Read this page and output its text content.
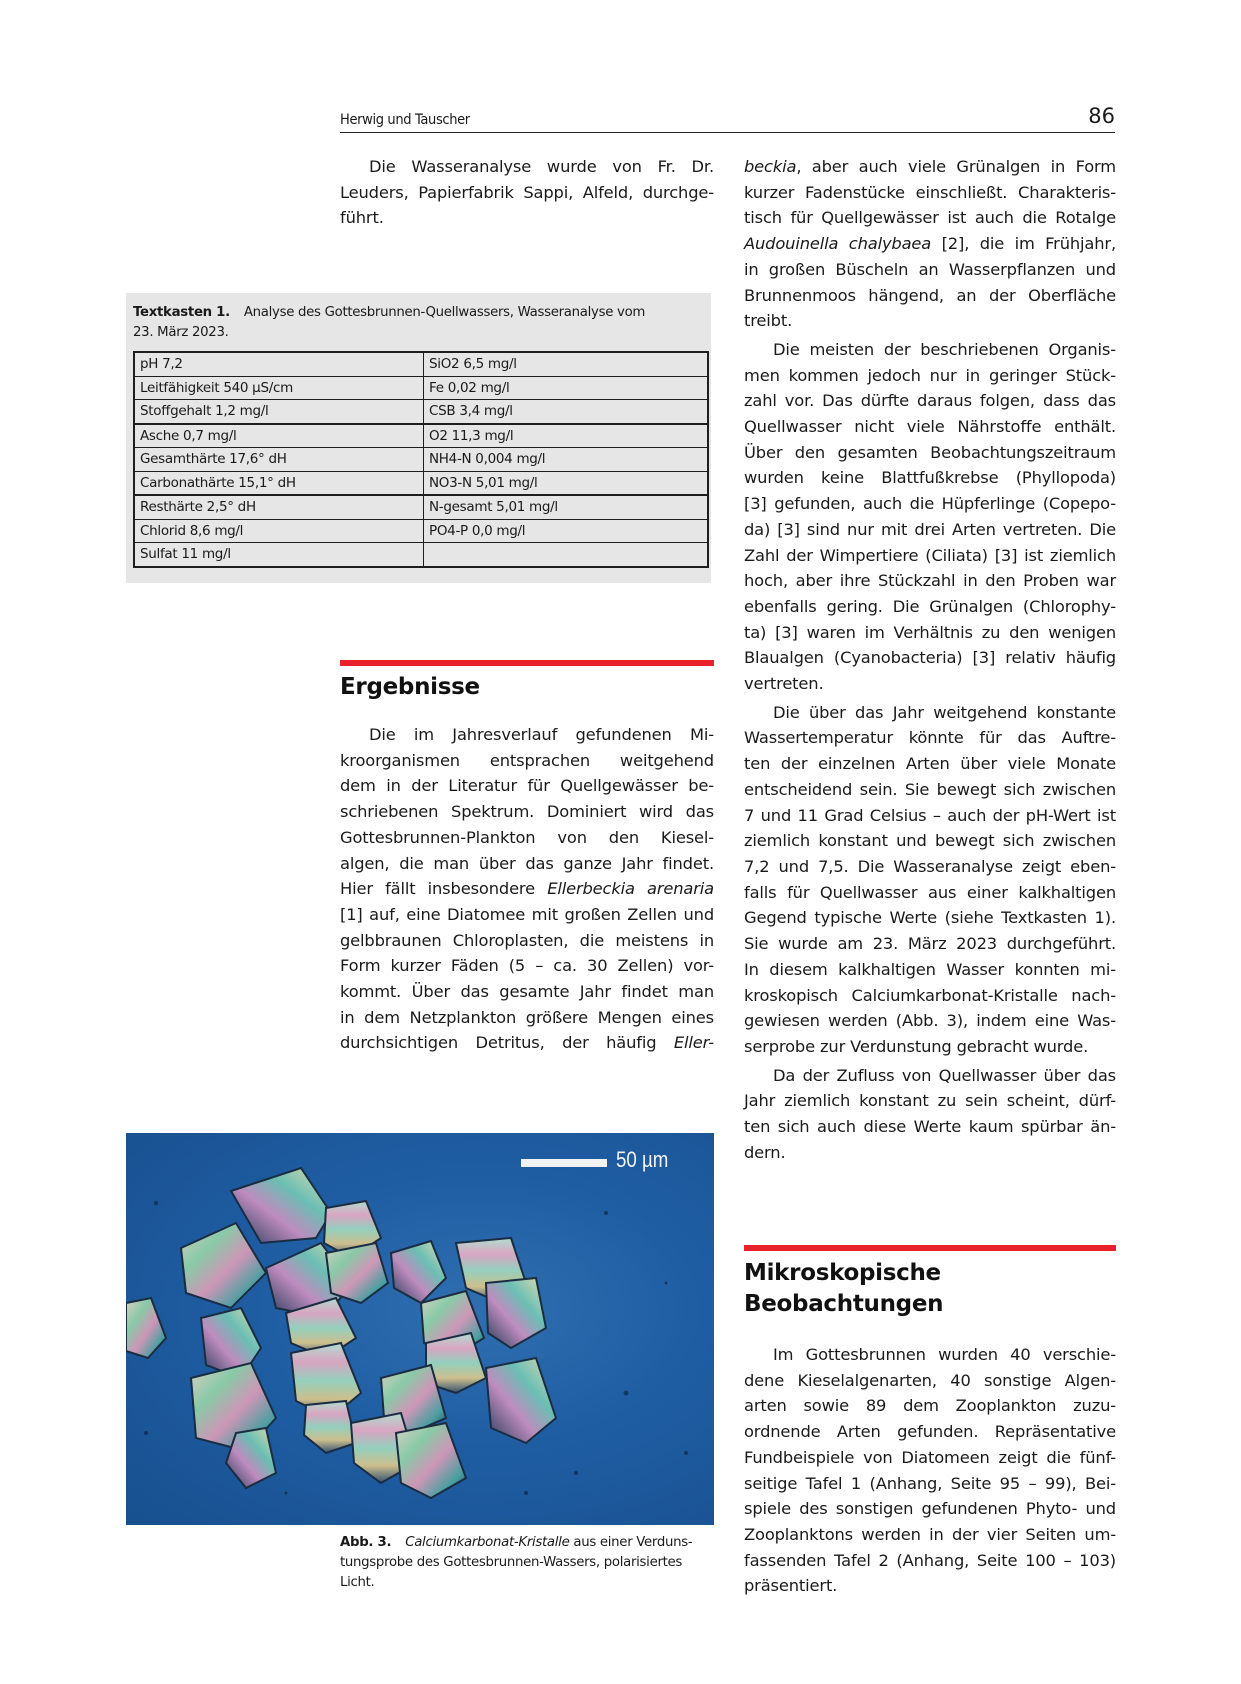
Herwig und Tauscher	86
Die Wasseranalyse wurde von Fr. Dr.
Leuders, Papierfabrik Sappi, Alfeld, durchge-
führt.
Textkasten 1. Analyse des Gottesbrunnen-Quellwassers, Wasseranalyse vom
23. März 2023.
pH 7,2	SiO2 6,5 mg/l
Leitfähigkeit 540 µS/cm	Fe 0,02 mg/l
Stoffgehalt 1,2 mg/l	CSB 3,4 mg/l
Asche 0,7 mg/l	O2 11,3 mg/l
Gesamthärte 17,6° dH	NH4-N 0,004 mg/l
Carbonathärte 15,1° dH	NO3-N 5,01 mg/l
Resthärte 2,5° dH	N-gesamt 5,01 mg/l
Chlorid 8,6 mg/l	PO4-P 0,0 mg/l
Sulfat 11 mg/l	
Ergebnisse
Die im Jahresverlauf gefundenen Mi-
kroorganismen entsprachen weitgehend
dem in der Literatur für Quellgewässer be-
schriebenen Spektrum. Dominiert wird das
Gottesbrunnen-Plankton von den Kiesel-
algen, die man über das ganze Jahr findet.
Hier fällt insbesondere Ellerbeckia arenaria
[1] auf, eine Diatomee mit großen Zellen und
gelbbraunen Chloroplasten, die meistens in
Form kurzer Fäden (5 – ca. 30 Zellen) vor-
kommt. Über das gesamte Jahr findet man
in dem Netzplankton größere Mengen eines
durchsichtigen Detritus, der häufig Eller-
beckia, aber auch viele Grünalgen in Form
kurzer Fadenstücke einschließt. Charakteris-
tisch für Quellgewässer ist auch die Rotalge
Audouinella chalybaea [2], die im Frühjahr,
in großen Büscheln an Wasserpflanzen und
Brunnenmoos hängend, an der Oberfläche
treibt.
Die meisten der beschriebenen Organis-
men kommen jedoch nur in geringer Stück-
zahl vor. Das dürfte daraus folgen, dass das
Quellwasser nicht viele Nährstoffe enthält.
Über den gesamten Beobachtungszeitraum
wurden keine Blattfußkrebse (Phyllopoda)
[3] gefunden, auch die Hüpferlinge (Copepo-
da) [3] sind nur mit drei Arten vertreten. Die
Zahl der Wimpertiere (Ciliata) [3] ist ziemlich
hoch, aber ihre Stückzahl in den Proben war
ebenfalls gering. Die Grünalgen (Chlorophy-
ta) [3] waren im Verhältnis zu den wenigen
Blaualgen (Cyanobacteria) [3] relativ häufig
vertreten.
Die über das Jahr weitgehend konstante
Wassertemperatur könnte für das Auftre-
ten der einzelnen Arten über viele Monate
entscheidend sein. Sie bewegt sich zwischen
7 und 11 Grad Celsius – auch der pH-Wert ist
ziemlich konstant und bewegt sich zwischen
7,2 und 7,5. Die Wasseranalyse zeigt eben-
falls für Quellwasser aus einer kalkhaltigen
Gegend typische Werte (siehe Textkasten 1).
Sie wurde am 23. März 2023 durchgeführt.
In diesem kalkhaltigen Wasser konnten mi-
kroskopisch Calciumkarbonat-Kristalle nach-
gewiesen werden (Abb. 3), indem eine Was-
serprobe zur Verdunstung gebracht wurde.
Da der Zufluss von Quellwasser über das
Jahr ziemlich konstant zu sein scheint, dürf-
ten sich auch diese Werte kaum spürbar än-
dern.
Mikroskopische
Beobachtungen
Im Gottesbrunnen wurden 40 verschie-
dene Kieselalgenarten, 40 sonstige Algen-
arten sowie 89 dem Zooplankton zuzu-
ordnende Arten gefunden. Repräsentative
Fundbeispiele von Diatomeen zeigt die fünf-
seitige Tafel 1 (Anhang, Seite 95 – 99), Bei-
spiele des sonstigen gefundenen Phyto- und
Zooplanktons werden in der vier Seiten um-
fassenden Tafel 2 (Anhang, Seite 100 – 103)
präsentiert.
50 µm
Abb. 3. Calciumkarbonat-Kristalle aus einer Verduns-
tungsprobe des Gottesbrunnen-Wassers, polarisiertes
Licht.
